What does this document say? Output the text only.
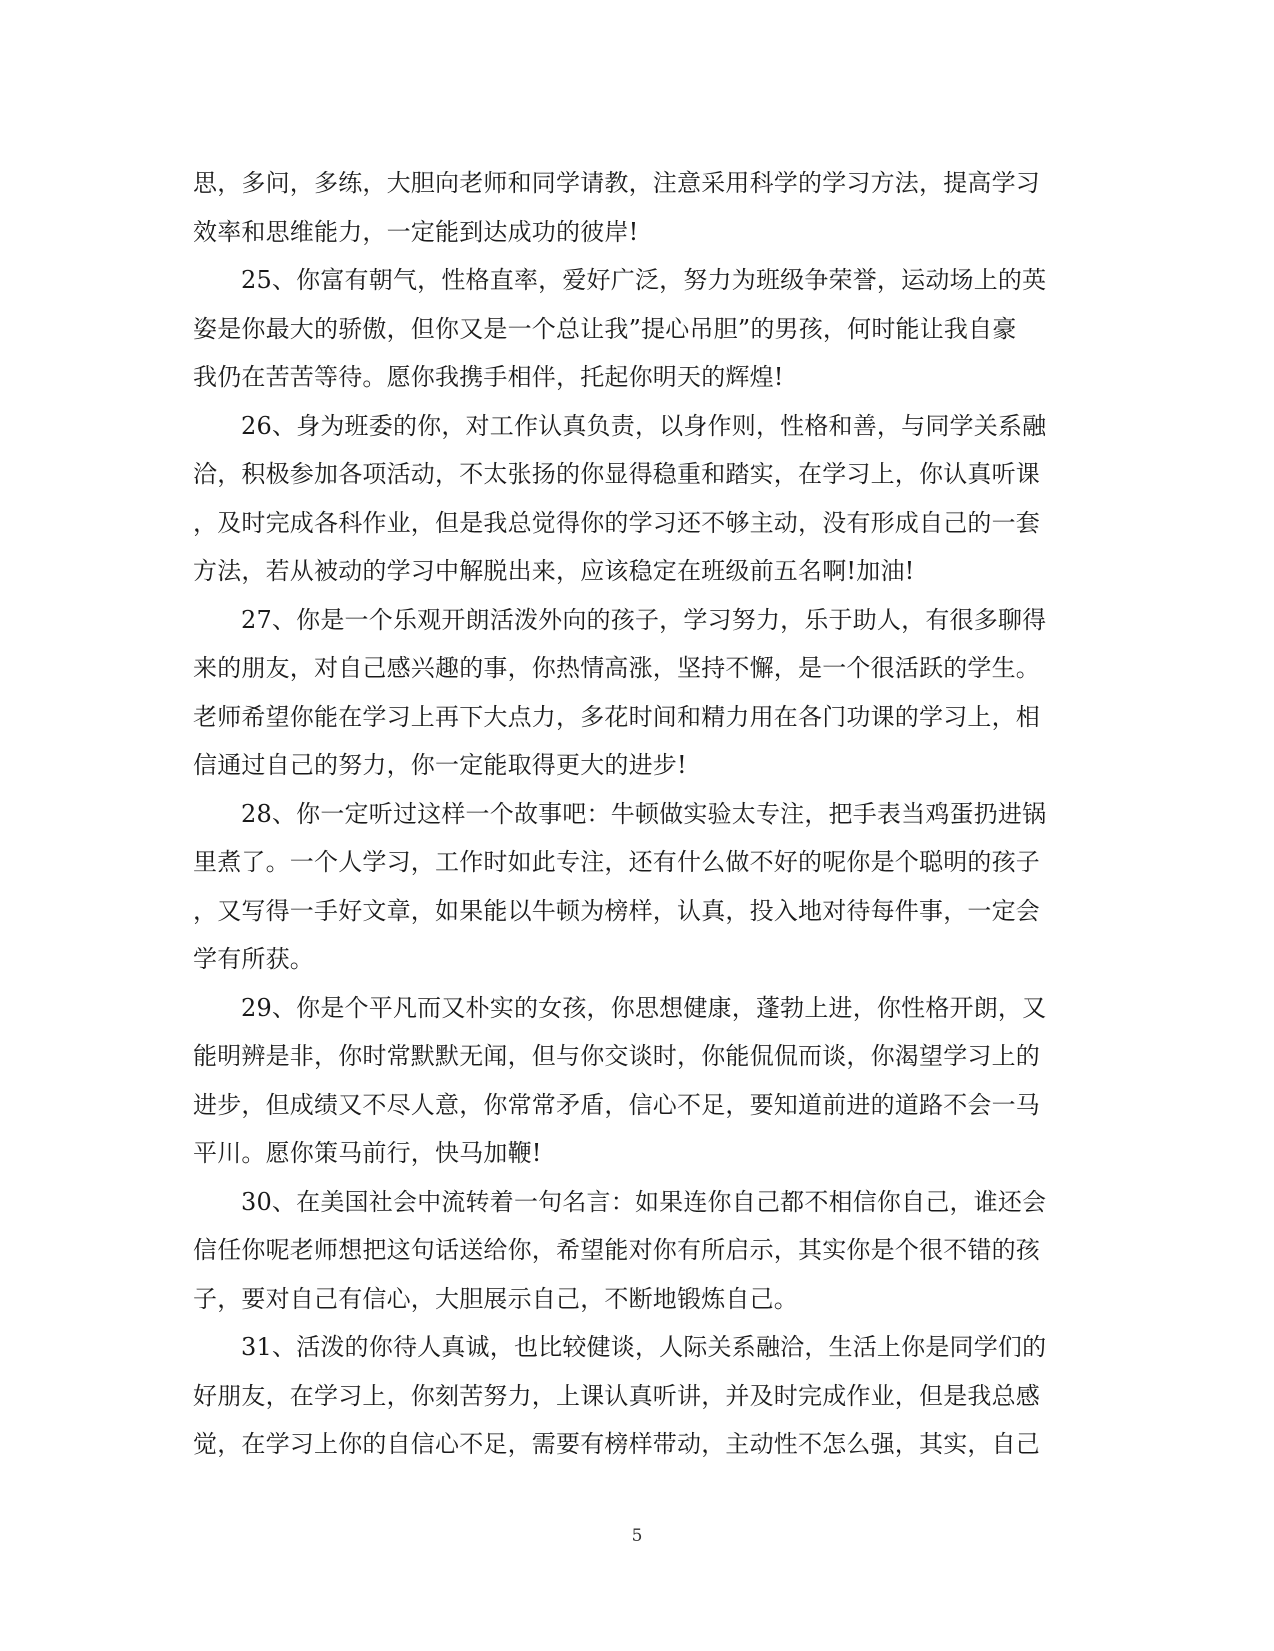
思，多问，多练，大胆向老师和同学请教，注意采用科学的学习方法，提高学习
效率和思维能力，一定能到达成功的彼岸!
25、你富有朝气，性格直率，爱好广泛，努力为班级争荣誉，运动场上的英
姿是你最大的骄傲，但你又是一个总让我”提心吊胆”的男孩，何时能让我自豪
我仍在苦苦等待。愿你我携手相伴，托起你明天的辉煌!
26、身为班委的你，对工作认真负责，以身作则，性格和善，与同学关系融
洽，积极参加各项活动，不太张扬的你显得稳重和踏实，在学习上，你认真听课
，及时完成各科作业，但是我总觉得你的学习还不够主动，没有形成自己的一套
方法，若从被动的学习中解脱出来，应该稳定在班级前五名啊!加油!
27、你是一个乐观开朗活泼外向的孩子，学习努力，乐于助人，有很多聊得
来的朋友，对自己感兴趣的事，你热情高涨，坚持不懈，是一个很活跃的学生。
老师希望你能在学习上再下大点力，多花时间和精力用在各门功课的学习上，相
信通过自己的努力，你一定能取得更大的进步!
28、你一定听过这样一个故事吧：牛顿做实验太专注，把手表当鸡蛋扔进锅
里煮了。一个人学习，工作时如此专注，还有什么做不好的呢你是个聪明的孩子
，又写得一手好文章，如果能以牛顿为榜样，认真，投入地对待每件事，一定会
学有所获。
29、你是个平凡而又朴实的女孩，你思想健康，蓬勃上进，你性格开朗，又
能明辨是非，你时常默默无闻，但与你交谈时，你能侃侃而谈，你渴望学习上的
进步，但成绩又不尽人意，你常常矛盾，信心不足，要知道前进的道路不会一马
平川。愿你策马前行，快马加鞭!
30、在美国社会中流转着一句名言：如果连你自己都不相信你自己，谁还会
信任你呢老师想把这句话送给你，希望能对你有所启示，其实你是个很不错的孩
子，要对自己有信心，大胆展示自己，不断地锻炼自己。
31、活泼的你待人真诚，也比较健谈，人际关系融洽，生活上你是同学们的
好朋友，在学习上，你刻苦努力，上课认真听讲，并及时完成作业，但是我总感
觉，在学习上你的自信心不足，需要有榜样带动，主动性不怎么强，其实，自己
5
